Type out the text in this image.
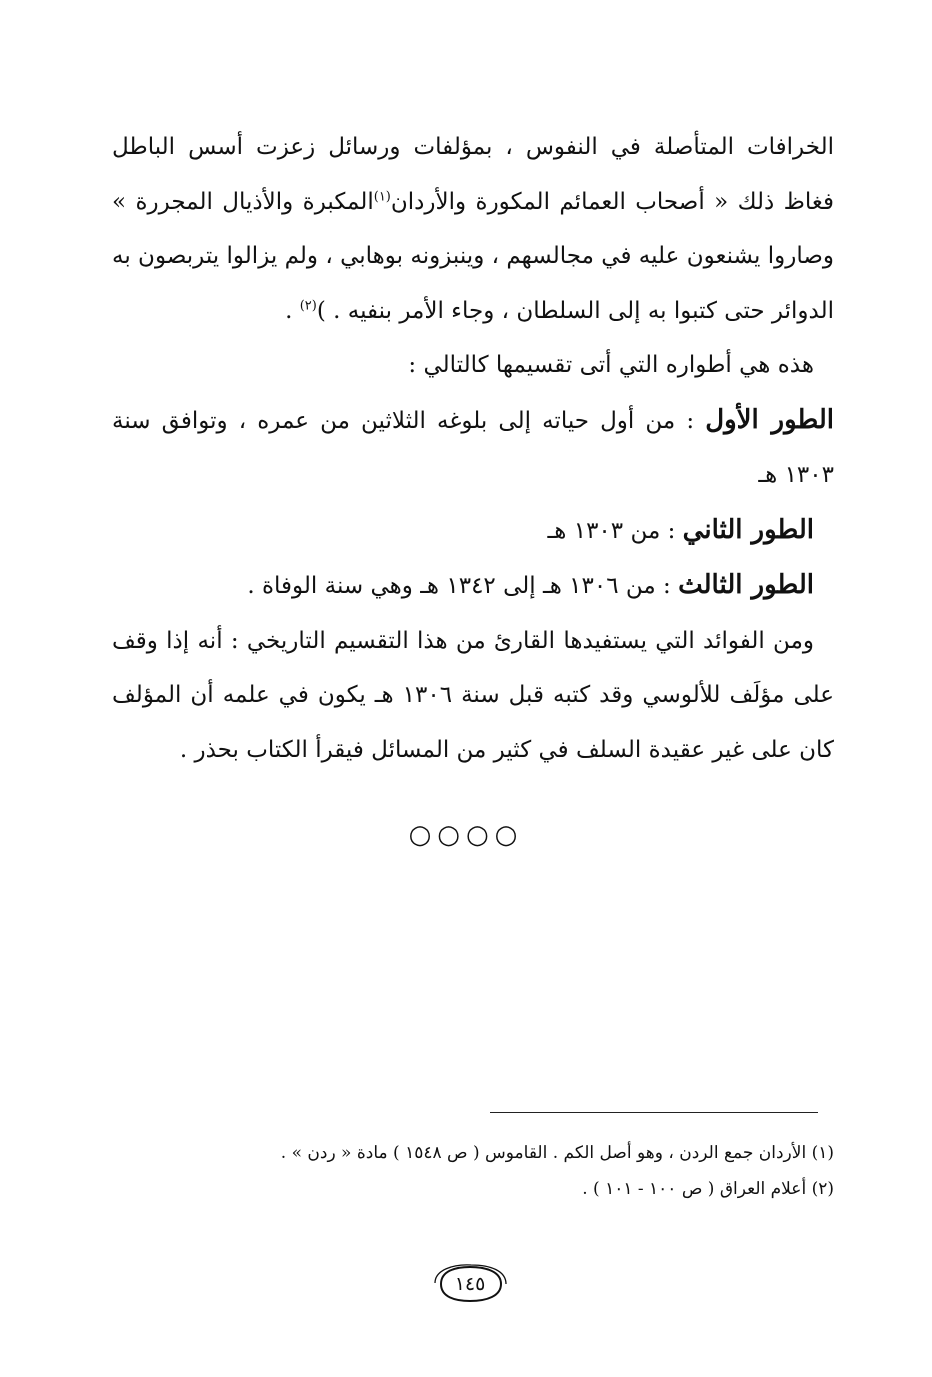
الخرافات المتأصلة في النفوس ، بمؤلفات ورسائل زعزت أسس الباطل فغاظ ذلك « أصحاب العمائم المكورة والأردان$^{(١)}$المكبرة والأذيال المجررة » وصاروا يشنعون عليه في مجالسهم ، وينبزونه بوهابي ، ولم يزالوا يتربصون به الدوائر حتى كتبوا به إلى السلطان ، وجاء الأمر بنفيه . )$^{(٢)}$ .

هذه هي أطواره التي أتى تقسيمها كالتالي :

الطور الأول : من أول حياته إلى بلوغه الثلاثين من عمره ، وتوافق سنة ١٣٠٣ هـ

الطور الثاني : من ١٣٠٣ هـ

الطور الثالث : من ١٣٠٦ هـ إلى ١٣٤٢ هـ وهي سنة الوفاة .

ومن الفوائد التي يستفيدها القارئ من هذا التقسيم التاريخي : أنه إذا وقف على مؤلَف للألوسي وقد كتبه قبل سنة ١٣٠٦ هـ يكون في علمه أن المؤلف كان على غير عقيدة السلف في كثير من المسائل فيقرأ الكتاب بحذر .

○○○○

(١) الأردان جمع الردن ، وهو أصل الكم . القاموس ( ص ١٥٤٨ ) مادة « ردن » .

(٢) أعلام العراق ( ص ١٠٠ - ١٠١ ) .

١٤٥
